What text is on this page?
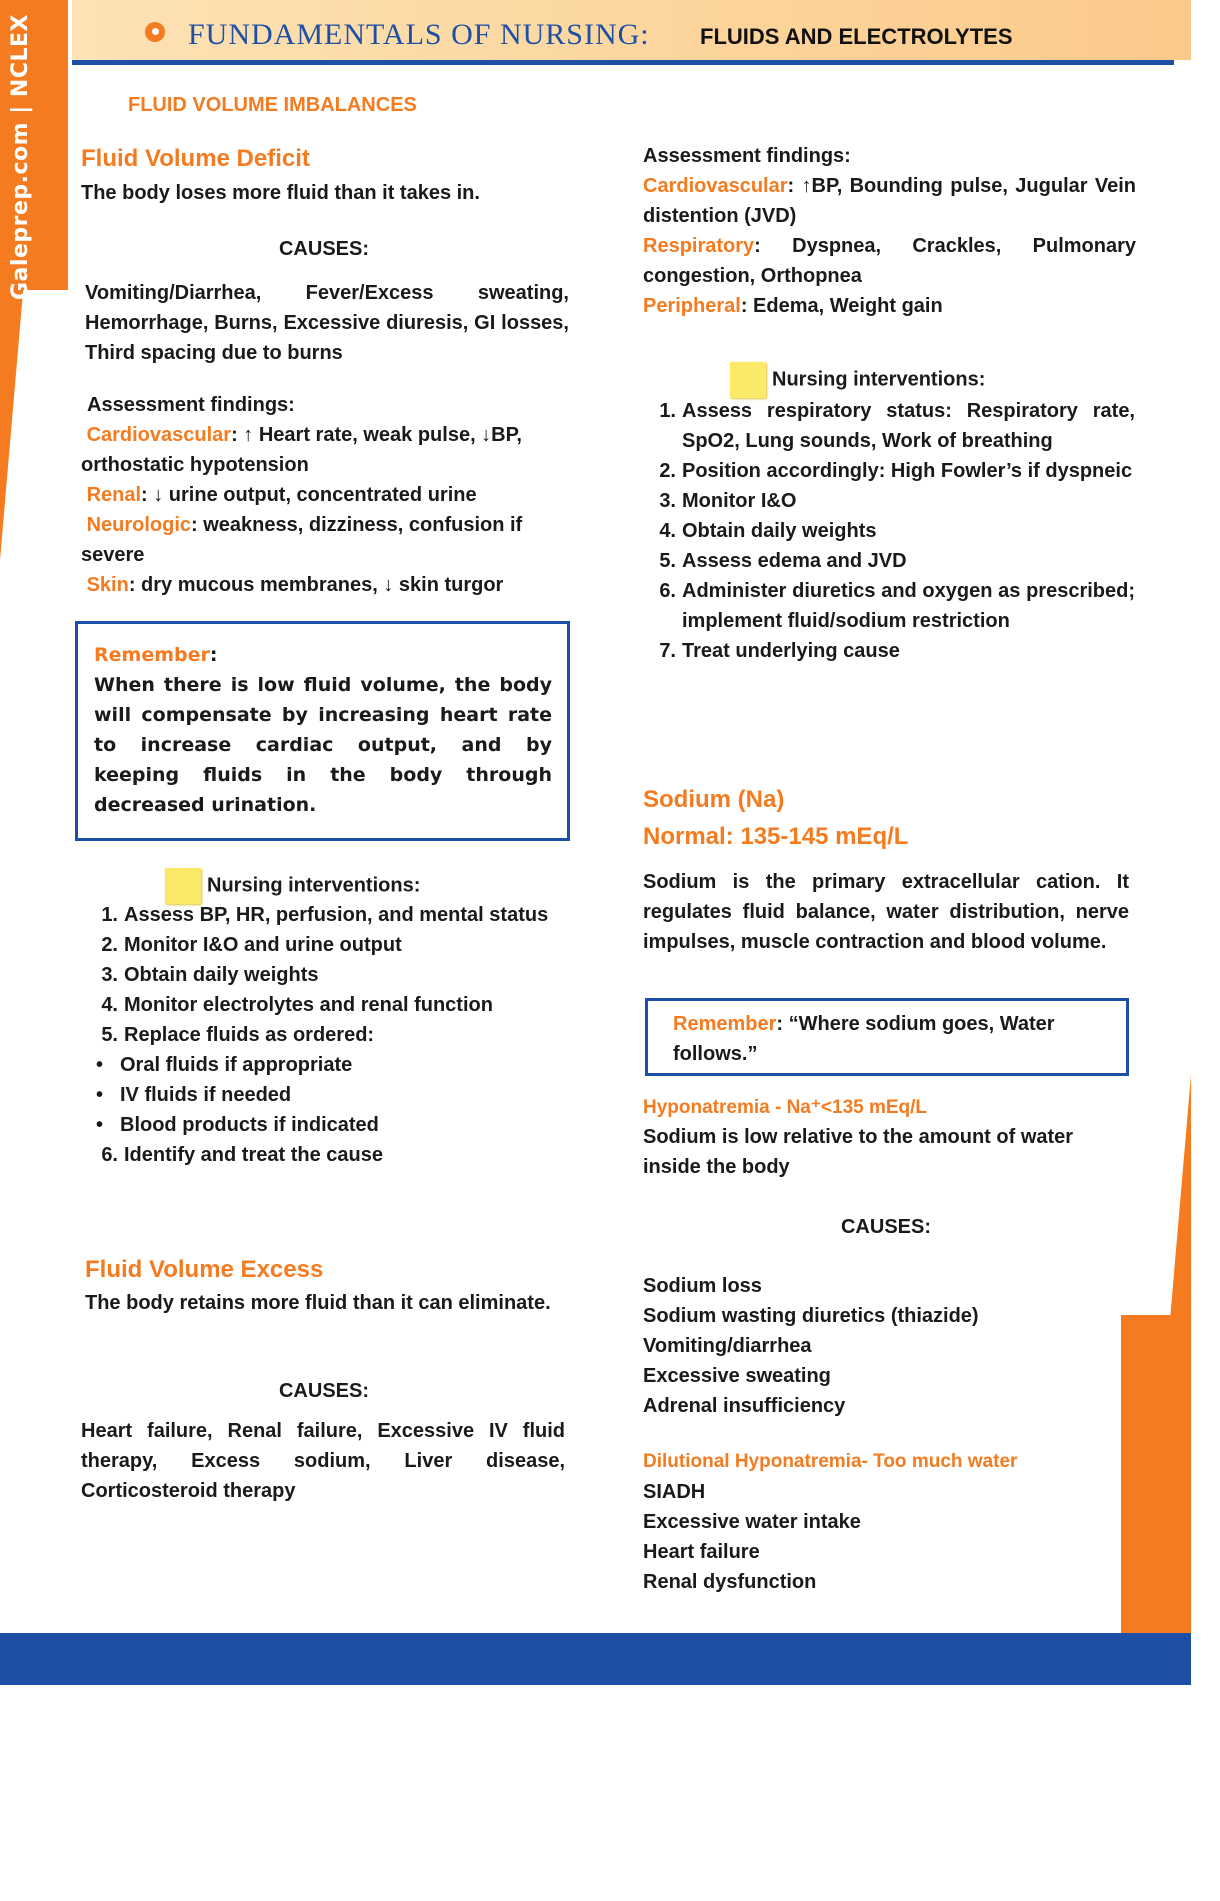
Galeprep.com | NCLEX
Galeprep.com | NCLEX
FUNDAMENTALS OF NURSING: FLUIDS AND ELECTROLYTES
FLUID VOLUME IMBALANCES
Fluid Volume Deficit
The body loses more fluid than it takes in.
CAUSES:
Vomiting/Diarrhea, Fever/Excess sweating, Hemorrhage, Burns, Excessive diuresis, GI losses, Third spacing due to burns
Assessment findings:

Cardiovascular: ↑ Heart rate, weak pulse, ↓BP, orthostatic hypotension

Renal: ↓ urine output, concentrated urine

Neurologic: weakness, dizziness, confusion if severe

Skin: dry mucous membranes, ↓ skin turgor

Remember:

When there is low fluid volume, the body will compensate by increasing heart rate to increase cardiac output, and by keeping fluids in the body through decreased urination.

Nursing interventions:
1. Assess BP, HR, perfusion, and mental status
2. Monitor I&O and urine output
3. Obtain daily weights
4. Monitor electrolytes and renal function
5. Replace fluids as ordered:
• Oral fluids if appropriate
• IV fluids if needed
• Blood products if indicated
6. Identify and treat the cause
Fluid Volume Excess
The body retains more fluid than it can eliminate.
CAUSES:
Heart failure, Renal failure, Excessive IV fluid therapy, Excess sodium, Liver disease, Corticosteroid therapy
Assessment findings:

Cardiovascular: ↑BP, Bounding pulse, Jugular Vein distention (JVD)

Respiratory: Dyspnea, Crackles, Pulmonary congestion, Orthopnea

Peripheral: Edema, Weight gain

Nursing interventions:
1. Assess respiratory status: Respiratory rate, SpO2, Lung sounds, Work of breathing
2. Position accordingly: High Fowler’s if dyspneic
3. Monitor I&O
4. Obtain daily weights
5. Assess edema and JVD
6. Administer diuretics and oxygen as prescribed; implement fluid/sodium restriction
7. Treat underlying cause
Sodium (Na)
Normal: 135-145 mEq/L
Sodium is the primary extracellular cation. It regulates fluid balance, water distribution, nerve impulses, muscle contraction and blood volume.
Remember: “Where sodium goes, Water follows.”
Hyponatremia - Na⁺<135 mEq/L
Sodium is low relative to the amount of water inside the body
CAUSES:

Sodium loss

Sodium wasting diuretics (thiazide)

Vomiting/diarrhea

Excessive sweating

Adrenal insufficiency

Dilutional Hyponatremia- Too much water

SIADH

Excessive water intake

Heart failure

Renal dysfunction
